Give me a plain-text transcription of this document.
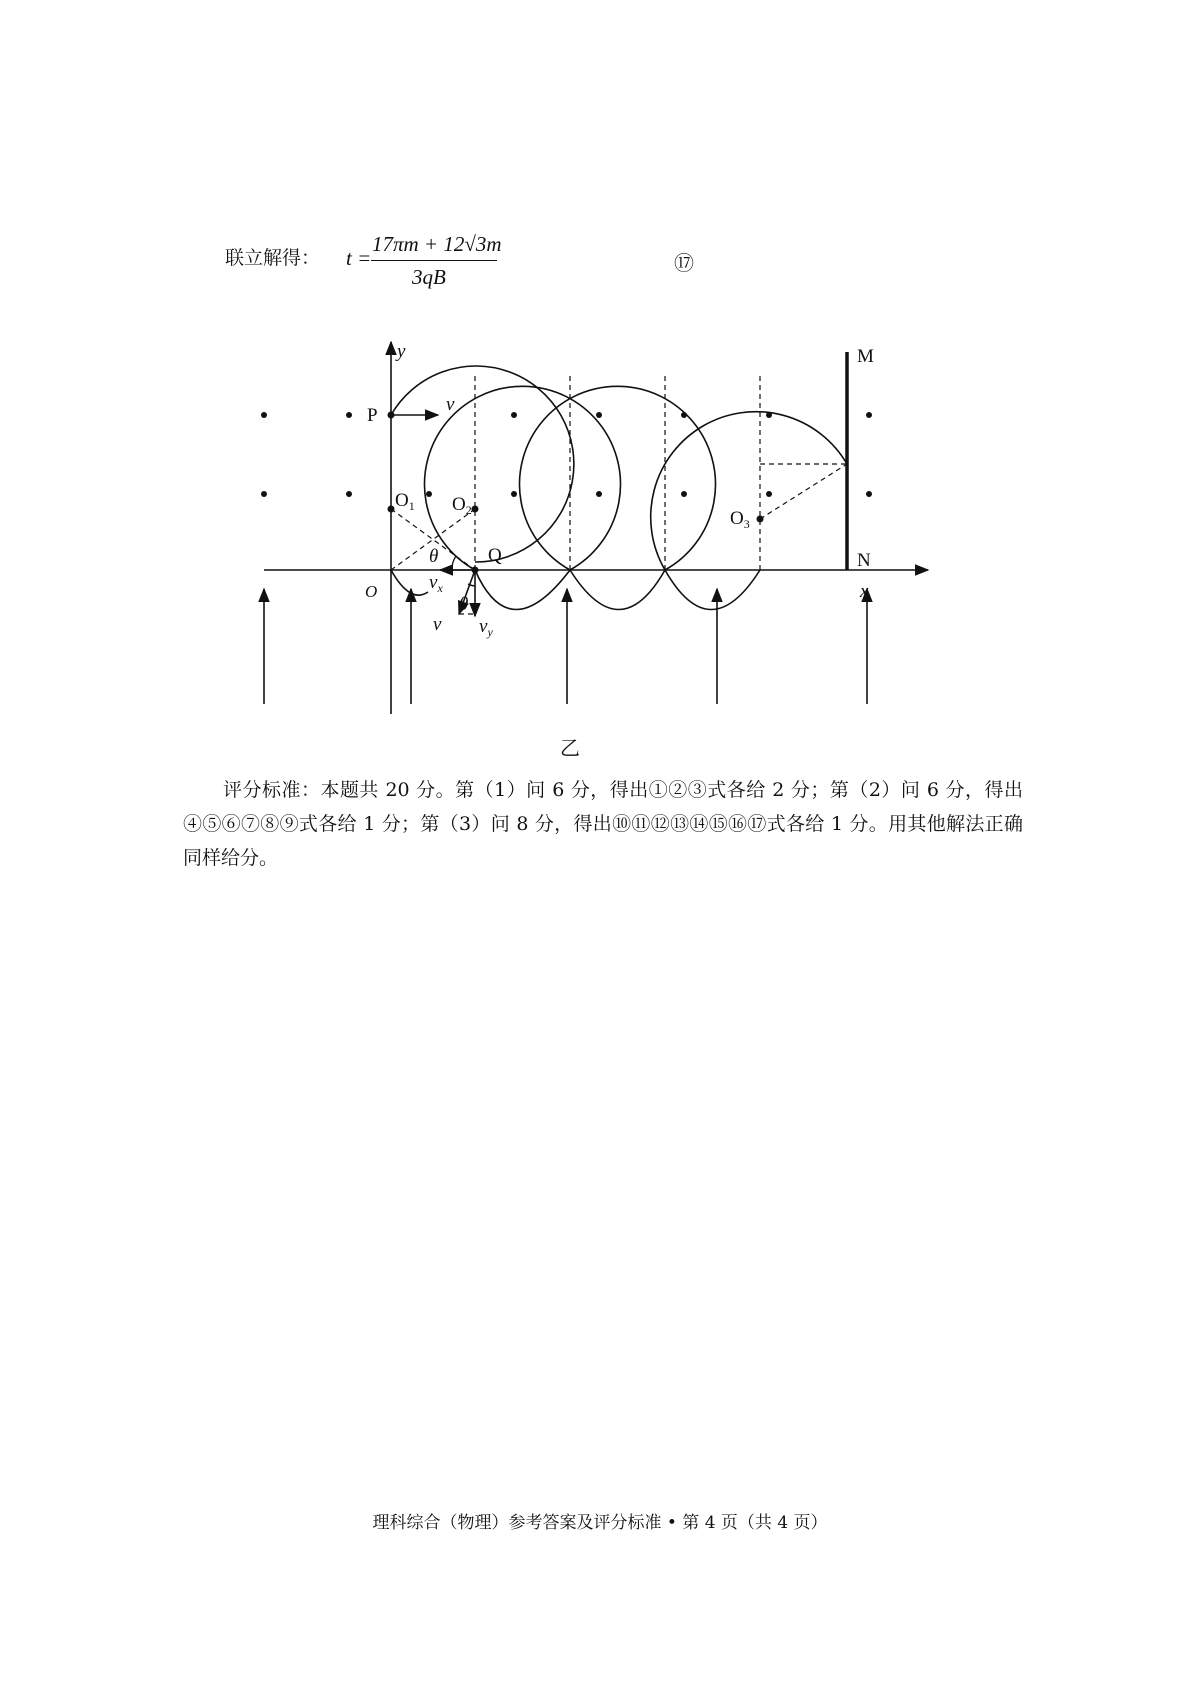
联立解得： t =
17πm + 12√3m
3qB
⑰
y
x
O
P
v
Q
M
N
$O_1$ $O_2$	$O_3$
θ
θ
$v_x$
v $v_y$
乙
评分标准：本题共 20 分。第（1）问 6 分，得出①②③式各给 2 分；第（2）问 6 分，得出④⑤⑥⑦⑧⑨式各给 1 分；第（3）问 8 分，得出⑩⑪⑫⑬⑭⑮⑯⑰式各给 1 分。用其他解法正确同样给分。
理科综合（物理）参考答案及评分标准 • 第 4 页（共 4 页）
